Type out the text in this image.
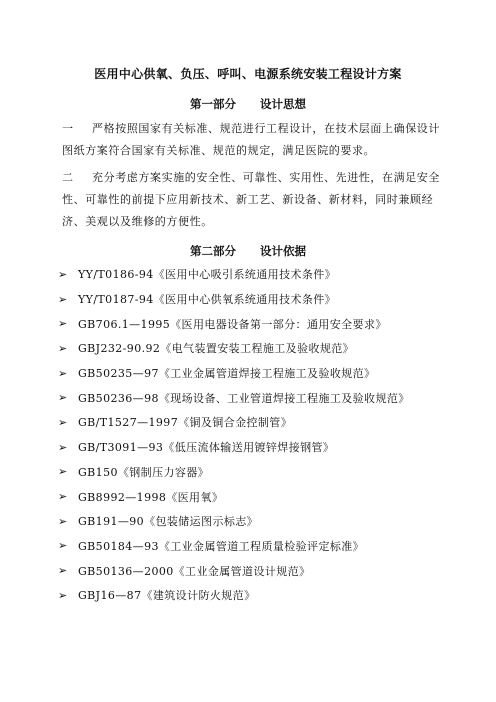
医用中心供氧、负压、呼叫、电源系统安装工程设计方案
第一部分      设计思想

一 严格按照国家有关标准、规范进行工程设计，在技术层面上确保设计图纸方案符合国家有关标准、规范的规定，满足医院的要求。

二 充分考虑方案实施的安全性、可靠性、实用性、先进性，在满足安全性、可靠性的前提下应用新技术、新工艺、新设备、新材料，同时兼顾经济、美观以及维修的方便性。

第二部分      设计依据
➢ YY/T0186-94《医用中心吸引系统通用技术条件》
➢ YY/T0187-94《医用中心供氧系统通用技术条件》
➢ GB706.1—1995《医用电器设备第一部分：通用安全要求》
➢ GBJ232-90.92《电气装置安装工程施工及验收规范》
➢ GB50235—97《工业金属管道焊接工程施工及验收规范》
➢ GB50236—98《现场设备、工业管道焊接工程施工及验收规范》
➢ GB/T1527—1997《铜及铜合金控制管》
➢ GB/T3091—93《低压流体输送用镀锌焊接钢管》
➢ GB150《钢制压力容器》
➢ GB8992—1998《医用氧》
➢ GB191—90《包装储运图示标志》
➢ GB50184—93《工业金属管道工程质量检验评定标准》
➢ GB50136—2000《工业金属管道设计规范》
➢ GBJ16—87《建筑设计防火规范》
